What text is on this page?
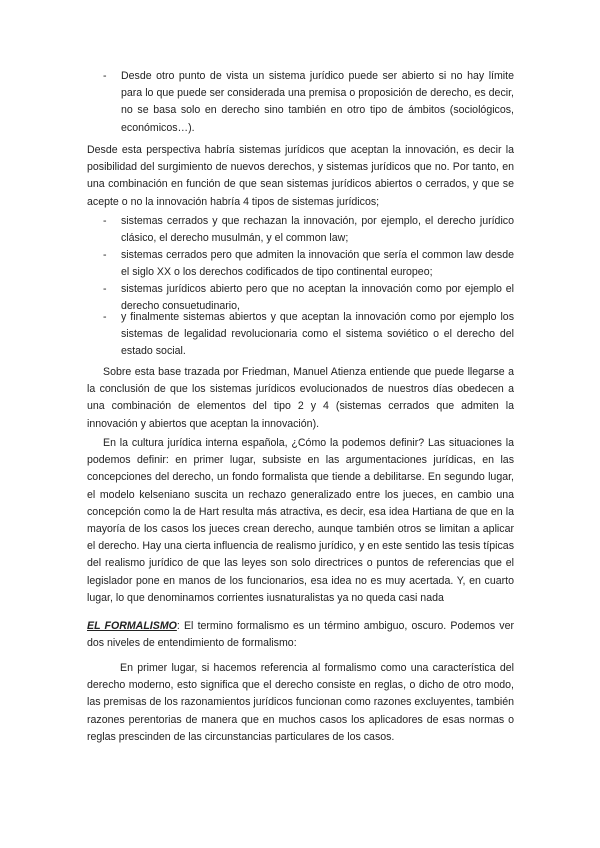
-	Desde otro punto de vista un sistema jurídico puede ser abierto si no hay límite para lo que puede ser considerada una premisa o proposición de derecho, es decir, no se basa solo en derecho sino también en otro tipo de ámbitos (sociológicos, económicos…).

Desde esta perspectiva habría sistemas jurídicos que aceptan la innovación, es decir la posibilidad del surgimiento de nuevos derechos, y sistemas jurídicos que no. Por tanto, en una combinación en función de que sean sistemas jurídicos abiertos o cerrados, y que se acepte o no la innovación habría 4 tipos de sistemas jurídicos;

-	sistemas cerrados y que rechazan la innovación, por ejemplo, el derecho jurídico clásico, el derecho musulmán, y el common law;
-	sistemas cerrados pero que admiten la innovación que sería el common law desde el siglo XX o los derechos codificados de tipo continental europeo;
-	sistemas jurídicos abierto pero que no aceptan la innovación como por ejemplo el derecho consuetudinario,
-	y finalmente sistemas abiertos y que aceptan la innovación como por ejemplo los sistemas de legalidad revolucionaria como el sistema soviético o el derecho del estado social.

Sobre esta base trazada por Friedman, Manuel Atienza entiende que puede llegarse a la conclusión de que los sistemas jurídicos evolucionados de nuestros días obedecen a una combinación de elementos del tipo 2 y 4 (sistemas cerrados que admiten la innovación y abiertos que aceptan la innovación).

En la cultura jurídica interna española, ¿Cómo la podemos definir? Las situaciones la podemos definir: en primer lugar, subsiste en las argumentaciones jurídicas, en las concepciones del derecho, un fondo formalista que tiende a debilitarse. En segundo lugar, el modelo kelseniano suscita un rechazo generalizado entre los jueces, en cambio una concepción como la de Hart resulta más atractiva, es decir, esa idea Hartiana de que en la mayoría de los casos los jueces crean derecho, aunque también otros se limitan a aplicar el derecho. Hay una cierta influencia de realismo jurídico, y en este sentido las tesis típicas del realismo jurídico de que las leyes son solo directrices o puntos de referencias que el legislador pone en manos de los funcionarios, esa idea no es muy acertada. Y, en cuarto lugar, lo que denominamos corrientes iusnaturalistas ya no queda casi nada

EL FORMALISMO: El termino formalismo es un término ambiguo, oscuro. Podemos ver dos niveles de entendimiento de formalismo:

En primer lugar, si hacemos referencia al formalismo como una característica del derecho moderno, esto significa que el derecho consiste en reglas, o dicho de otro modo, las premisas de los razonamientos jurídicos funcionan como razones excluyentes, también razones perentorias de manera que en muchos casos los aplicadores de esas normas o reglas prescinden de las circunstancias particulares de los casos.
